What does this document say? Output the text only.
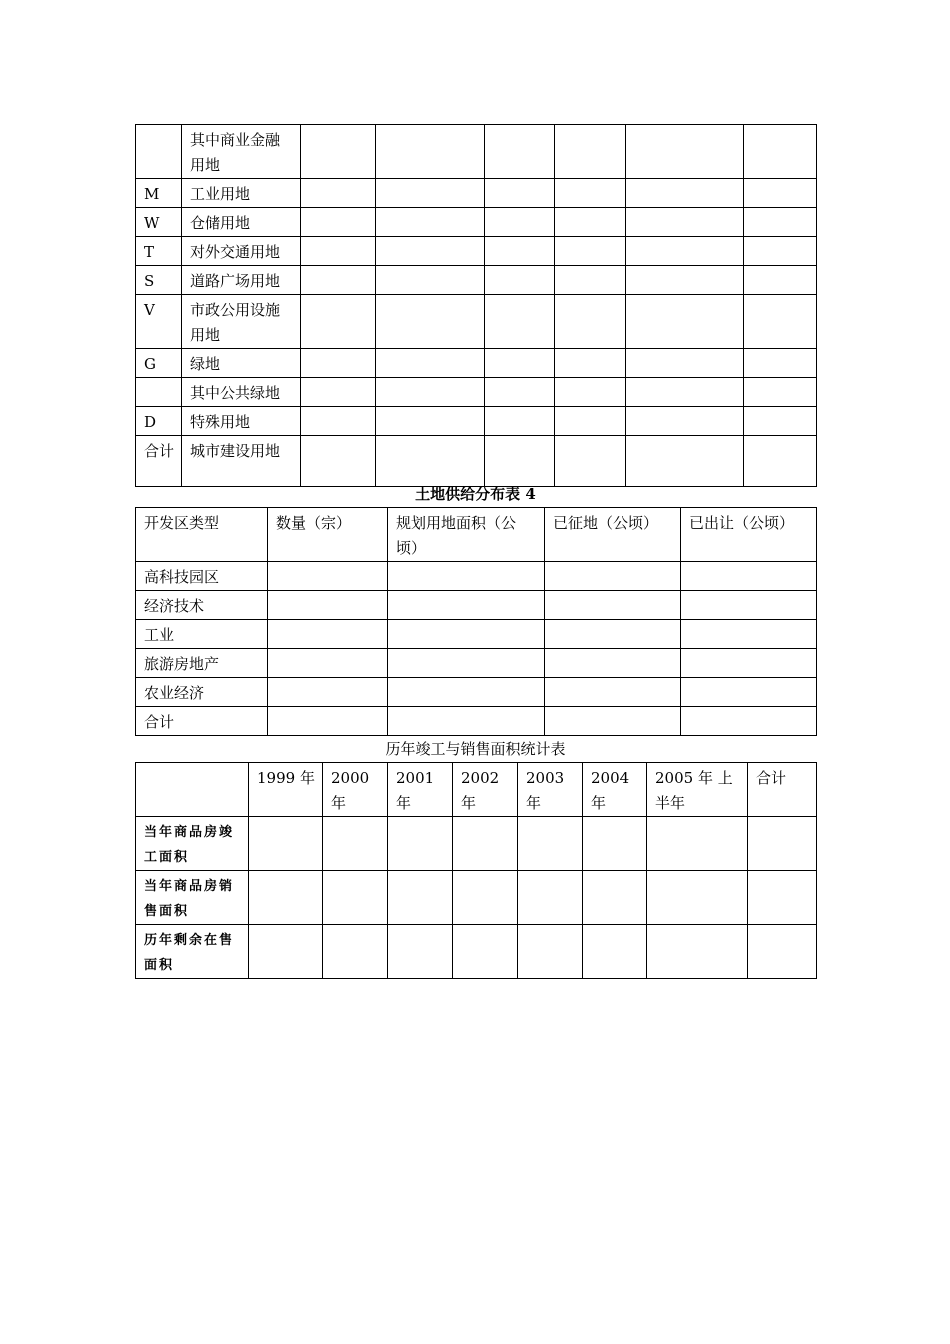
	其中商业金融用地						
M	工业用地						
W	仓储用地						
T	对外交通用地						
S	道路广场用地						
V	市政公用设施用地						
G	绿地						
	其中公共绿地						
D	特殊用地						
合计	城市建设用地						
土地供给分布表 4
开发区类型	数量（宗）	规划用地面积（公顷）	已征地（公顷）	已出让（公顷）
高科技园区				
经济技术				
工业				
旅游房地产				
农业经济				
合计				
历年竣工与销售面积统计表
	1999 年	2000年	2001年	2002年	2003年	2004年	2005 年 上半年	合计
当年商品房竣工面积								
当年商品房销售面积								
历年剩余在售面积								
